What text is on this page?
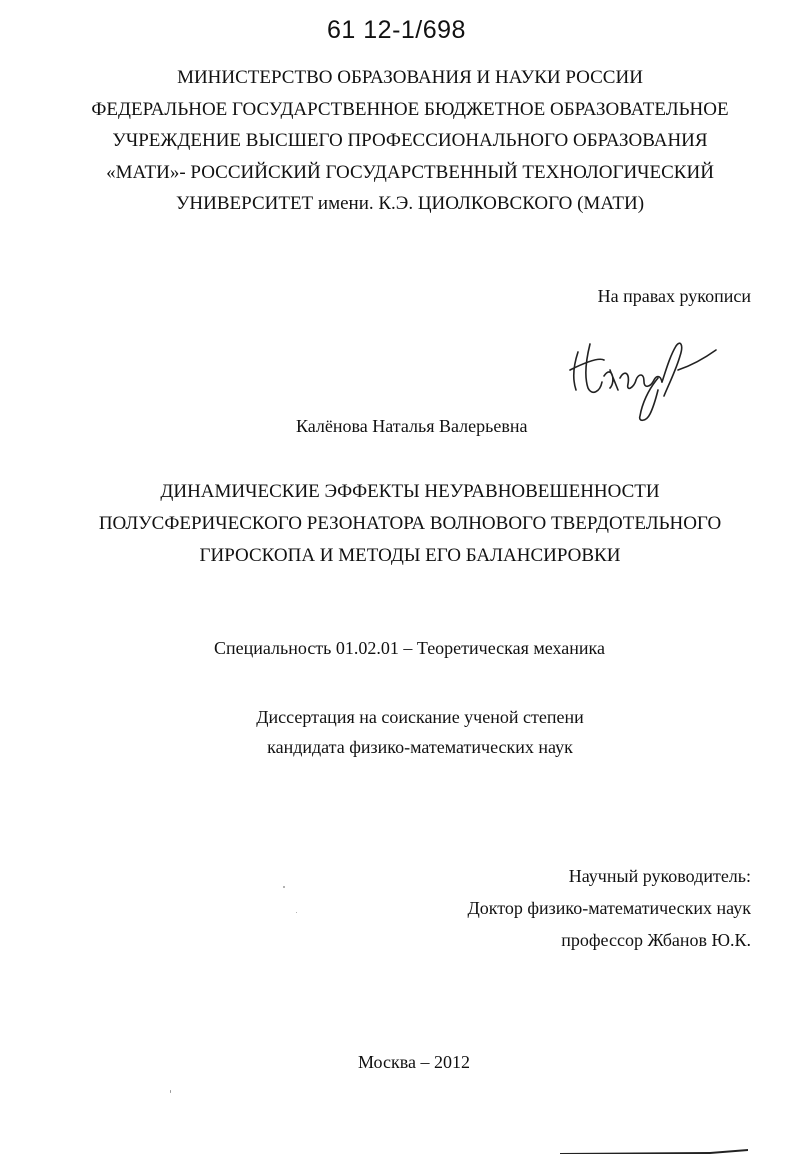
61 12-1/698
МИНИСТЕРСТВО ОБРАЗОВАНИЯ И НАУКИ РОССИИ
ФЕДЕРАЛЬНОЕ ГОСУДАРСТВЕННОЕ БЮДЖЕТНОЕ ОБРАЗОВАТЕЛЬНОЕ
УЧРЕЖДЕНИЕ ВЫСШЕГО ПРОФЕССИОНАЛЬНОГО ОБРАЗОВАНИЯ
«МАТИ»- РОССИЙСКИЙ ГОСУДАРСТВЕННЫЙ ТЕХНОЛОГИЧЕСКИЙ
УНИВЕРСИТЕТ имени. К.Э. ЦИОЛКОВСКОГО (МАТИ)
На правах рукописи
Калёнова Наталья Валерьевна
ДИНАМИЧЕСКИЕ ЭФФЕКТЫ НЕУРАВНОВЕШЕННОСТИ
ПОЛУСФЕРИЧЕСКОГО РЕЗОНАТОРА ВОЛНОВОГО ТВЕРДОТЕЛЬНОГО
ГИРОСКОПА И МЕТОДЫ ЕГО БАЛАНСИРОВКИ
Специальность 01.02.01 – Теоретическая механика
Диссертация на соискание ученой степени
кандидата физико-математических наук
Научный руководитель:
Доктор физико-математических наук
профессор Жбанов Ю.К.
Москва – 2012
